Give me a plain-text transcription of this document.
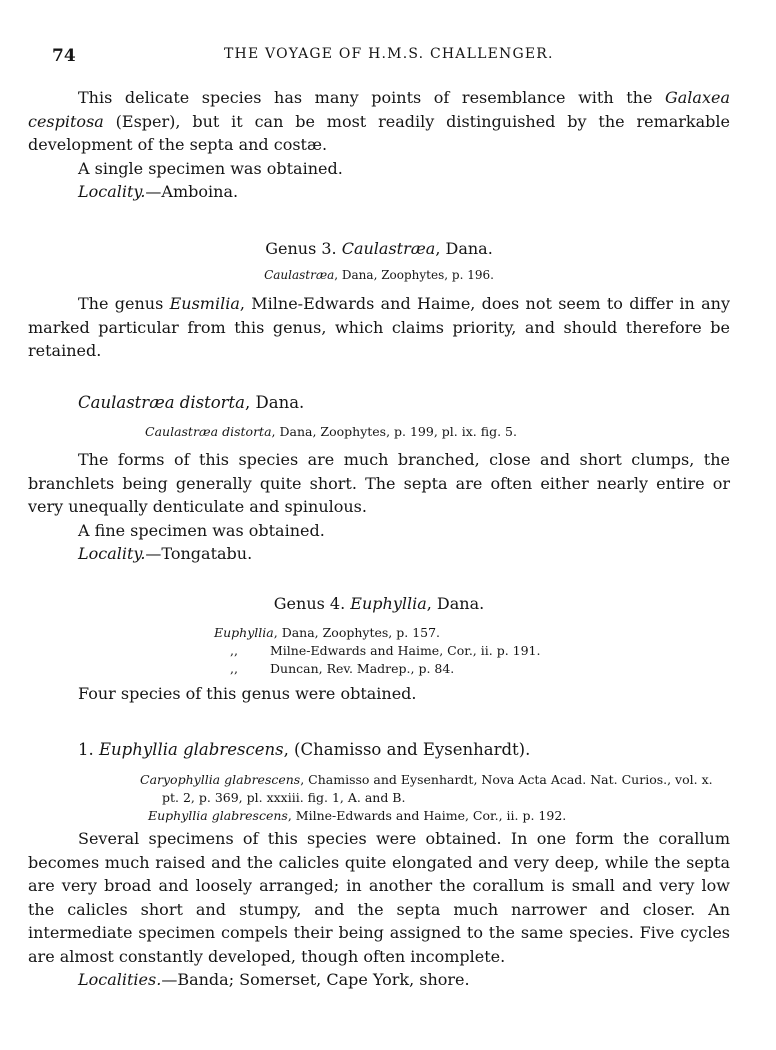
74	THE VOYAGE OF H.M.S. CHALLENGER.

This delicate species has many points of resemblance with the Galaxea cespitosa (Esper), but it can be most readily distinguished by the remarkable development of the septa and costæ.

A single specimen was obtained.

Locality.—Amboina.

Genus 3. Caulastræa, Dana.
Caulastræa, Dana, Zoophytes, p. 196.

The genus Eusmilia, Milne-Edwards and Haime, does not seem to differ in any marked particular from this genus, which claims priority, and should therefore be retained.

Caulastræa distorta, Dana.
Caulastræa distorta, Dana, Zoophytes, p. 199, pl. ix. fig. 5.

The forms of this species are much branched, close and short clumps, the branchlets being generally quite short. The septa are often either nearly entire or very unequally denticulate and spinulous.

A fine specimen was obtained.

Locality.—Tongatabu.

Genus 4. Euphyllia, Dana.
Euphyllia, Dana, Zoophytes, p. 157.
,,	Milne-Edwards and Haime, Cor., ii. p. 191.
,,	Duncan, Rev. Madrep., p. 84.

Four species of this genus were obtained.

1. Euphyllia glabrescens, (Chamisso and Eysenhardt).
Caryophyllia glabrescens, Chamisso and Eysenhardt, Nova Acta Acad. Nat. Curios., vol. x.
pt. 2, p. 369, pl. xxxiii. fig. 1, A. and B.
Euphyllia glabrescens, Milne-Edwards and Haime, Cor., ii. p. 192.

Several specimens of this species were obtained. In one form the corallum becomes much raised and the calicles quite elongated and very deep, while the septa are very broad and loosely arranged; in another the corallum is small and very low the calicles short and stumpy, and the septa much narrower and closer. An intermediate specimen compels their being assigned to the same species. Five cycles are almost constantly developed, though often incomplete.

Localities.—Banda; Somerset, Cape York, shore.
